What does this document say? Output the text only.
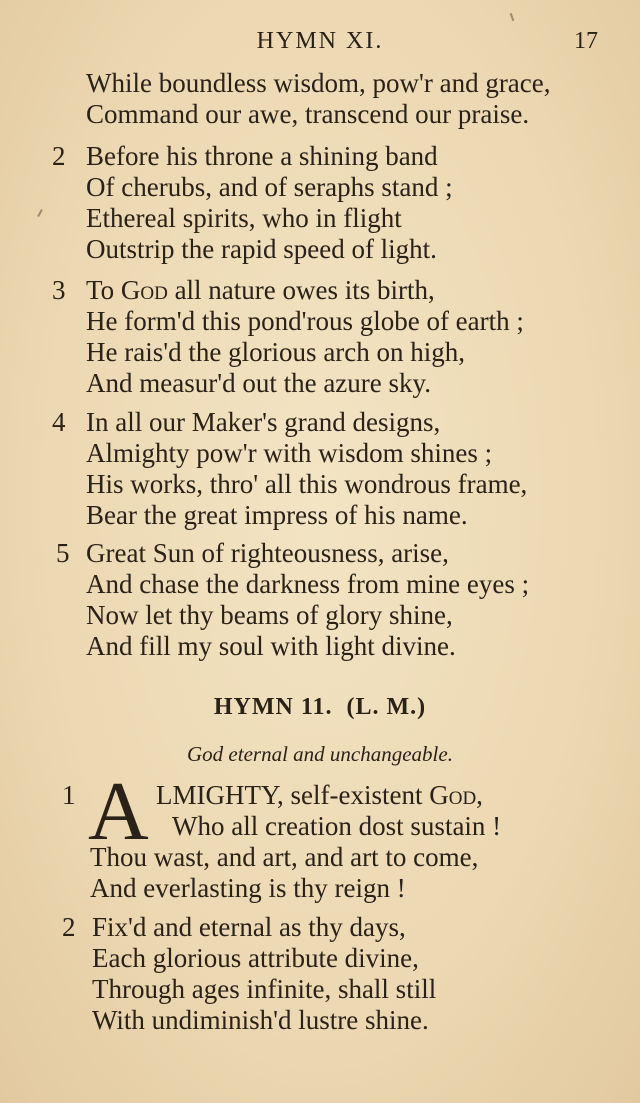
HYMN XI.	17
While boundless wisdom, pow'r and grace,
Command our awe, transcend our praise.
2 Before his throne a shining band
Of cherubs, and of seraphs stand ;
Ethereal spirits, who in flight
Outstrip the rapid speed of light.
3 To God all nature owes its birth,
He form'd this pond'rous globe of earth ;
He rais'd the glorious arch on high,
And measur'd out the azure sky.
4 In all our Maker's grand designs,
Almighty pow'r with wisdom shines ;
His works, thro' all this wondrous frame,
Bear the great impress of his name.
5 Great Sun of righteousness, arise,
And chase the darkness from mine eyes ;
Now let thy beams of glory shine,
And fill my soul with light divine.
HYMN 11. (L. M.)
God eternal and unchangeable.
1 A LMIGHTY, self-existent God,
Who all creation dost sustain !
Thou wast, and art, and art to come,
And everlasting is thy reign !
2 Fix'd and eternal as thy days,
Each glorious attribute divine,
Through ages infinite, shall still
With undiminish'd lustre shine.
